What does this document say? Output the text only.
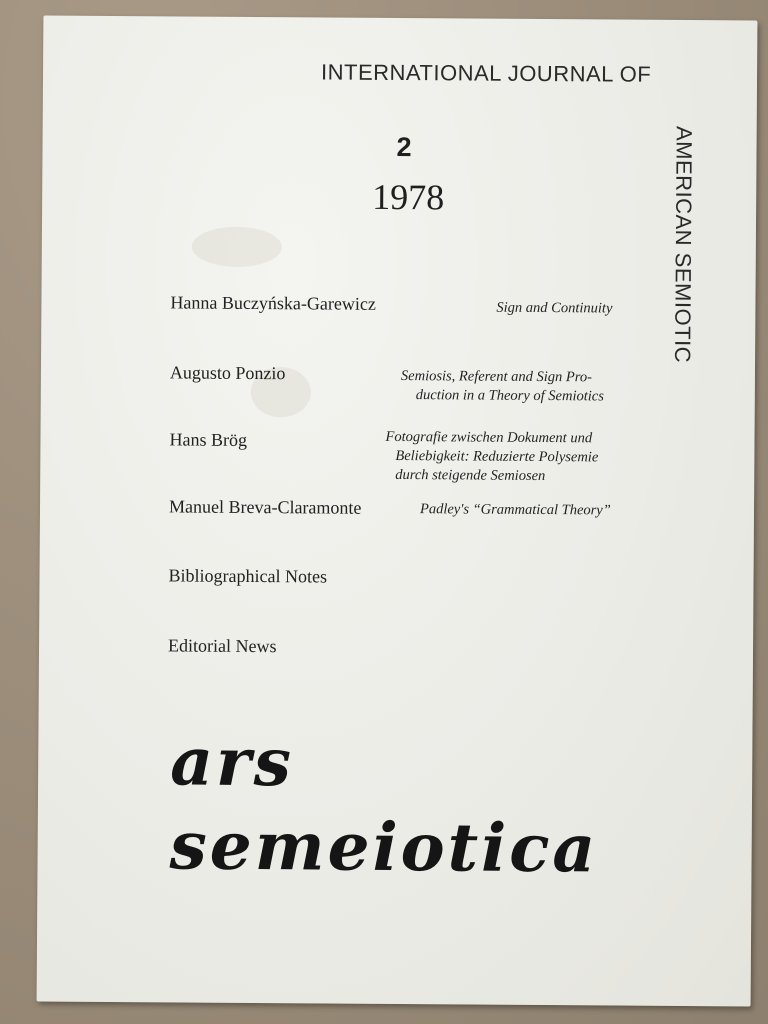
INTERNATIONAL JOURNAL OF
AMERICAN SEMIOTIC
2
1978
Hanna Buczyńska-Garewicz	Sign and Continuity
Augusto Ponzio	Semiosis, Referent and Sign Pro-
duction in a Theory of Semiotics
Hans Brög	Fotografie zwischen Dokument und
Beliebigkeit: Reduzierte Polysemie
durch steigende Semiosen
Manuel Breva-Claramonte	Padley's “Grammatical Theory”
Bibliographical Notes
Editorial News
ars
semeiotica
